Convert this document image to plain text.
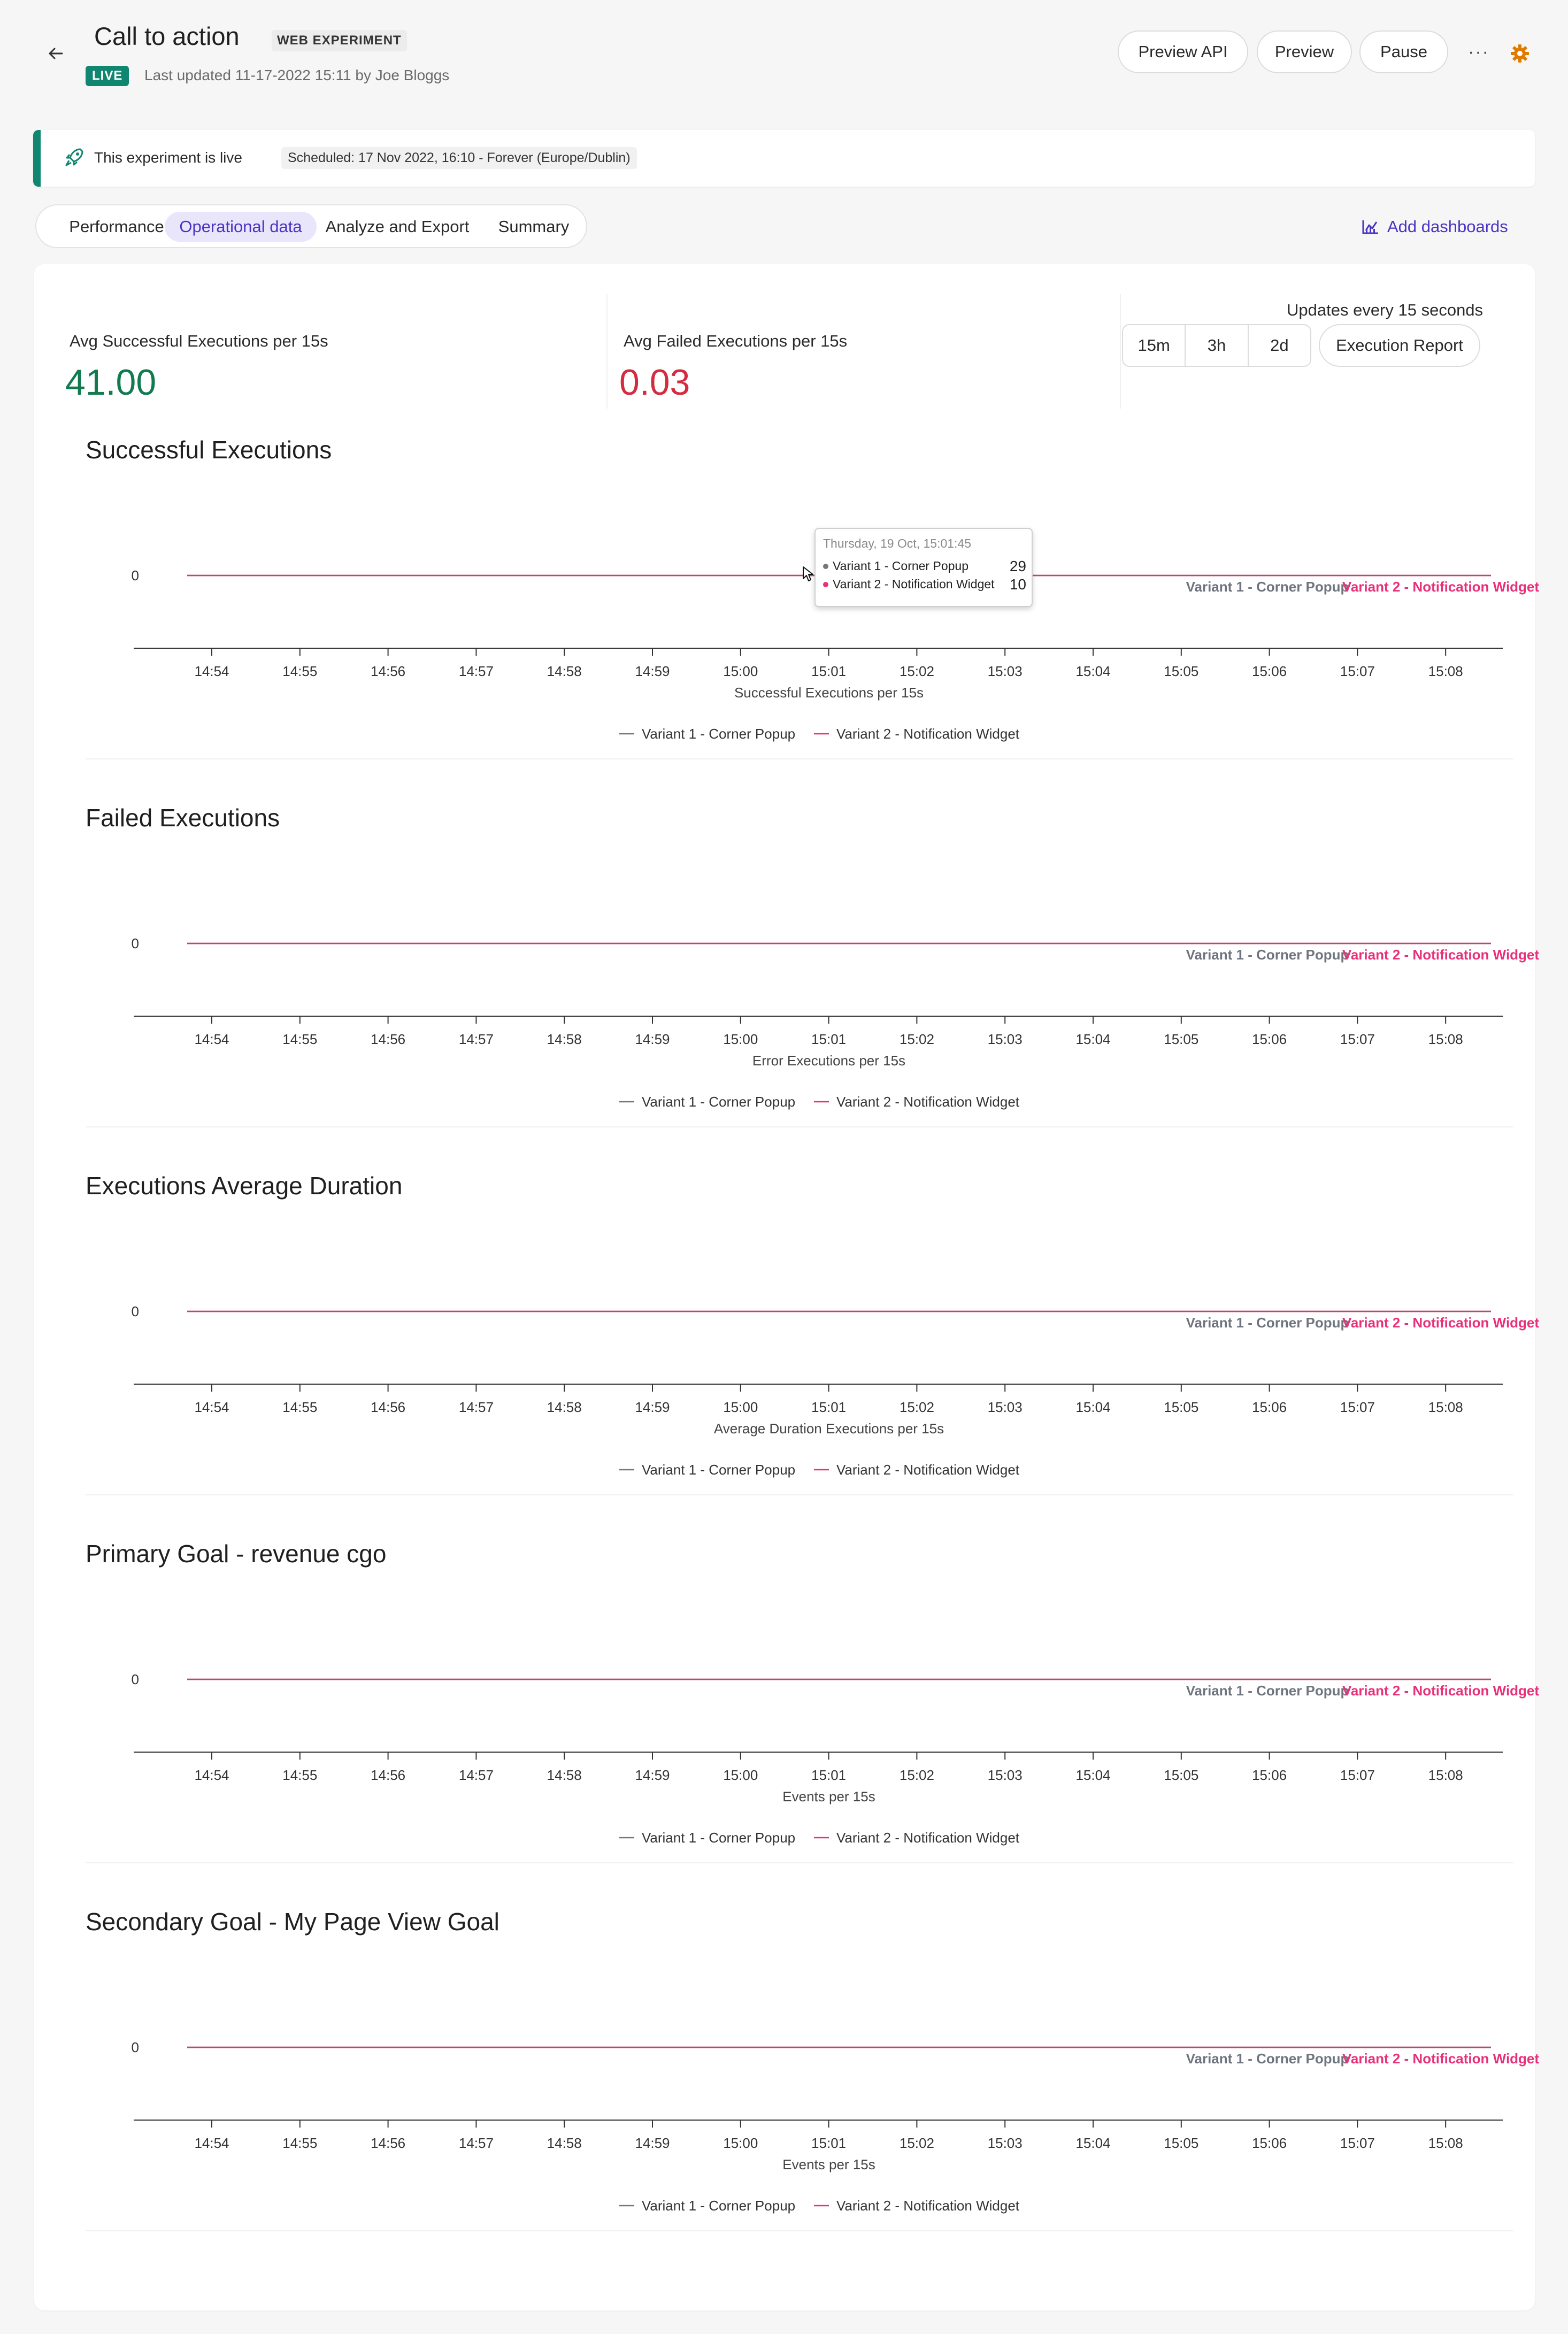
Call to action	WEB EXPERIMENT
LIVE	Last updated 11-17-2022 15:11 by Joe Bloggs
Preview API	Preview	Pause	···
This experiment is live	Scheduled: 17 Nov 2022, 16:10 - Forever (Europe/Dublin)
Performance Operational data	Analyze and Export	Summary	Add dashboards
Avg Successful Executions per 15s
41.00
Avg Failed Executions per 15s
0.03
Updates every 15 seconds
15m	3h	2d	Execution Report
0
Variant 1 - Corner Popup
Variant 2 - Notification Widget
14:54	14:55	14:56	14:57	14:58	14:59	15:00	15:01	15:02	15:03	15:04	15:05	15:06	15:07	15:08
Successful Executions per 15s
Variant 1 - Corner Popup	Variant 2 - Notification Widget
Successful Executions
0
Variant 1 - Corner Popup
Variant 2 - Notification Widget
14:54	14:55	14:56	14:57	14:58	14:59	15:00	15:01	15:02	15:03	15:04	15:05	15:06	15:07	15:08
Error Executions per 15s
Variant 1 - Corner Popup	Variant 2 - Notification Widget
Failed Executions
0
Variant 1 - Corner Popup
Variant 2 - Notification Widget
14:54	14:55	14:56	14:57	14:58	14:59	15:00	15:01	15:02	15:03	15:04	15:05	15:06	15:07	15:08
Average Duration Executions per 15s
Variant 1 - Corner Popup	Variant 2 - Notification Widget
Executions Average Duration
0
Variant 1 - Corner Popup
Variant 2 - Notification Widget
14:54	14:55	14:56	14:57	14:58	14:59	15:00	15:01	15:02	15:03	15:04	15:05	15:06	15:07	15:08
Events per 15s
Variant 1 - Corner Popup	Variant 2 - Notification Widget
Primary Goal - revenue cgo
0
Variant 1 - Corner Popup
Variant 2 - Notification Widget
14:54	14:55	14:56	14:57	14:58	14:59	15:00	15:01	15:02	15:03	15:04	15:05	15:06	15:07	15:08
Events per 15s
Variant 1 - Corner Popup	Variant 2 - Notification Widget
Secondary Goal - My Page View Goal
Thursday, 19 Oct, 15:01:45
Variant 1 - Corner Popup	29
Variant 2 - Notification Widget 10
